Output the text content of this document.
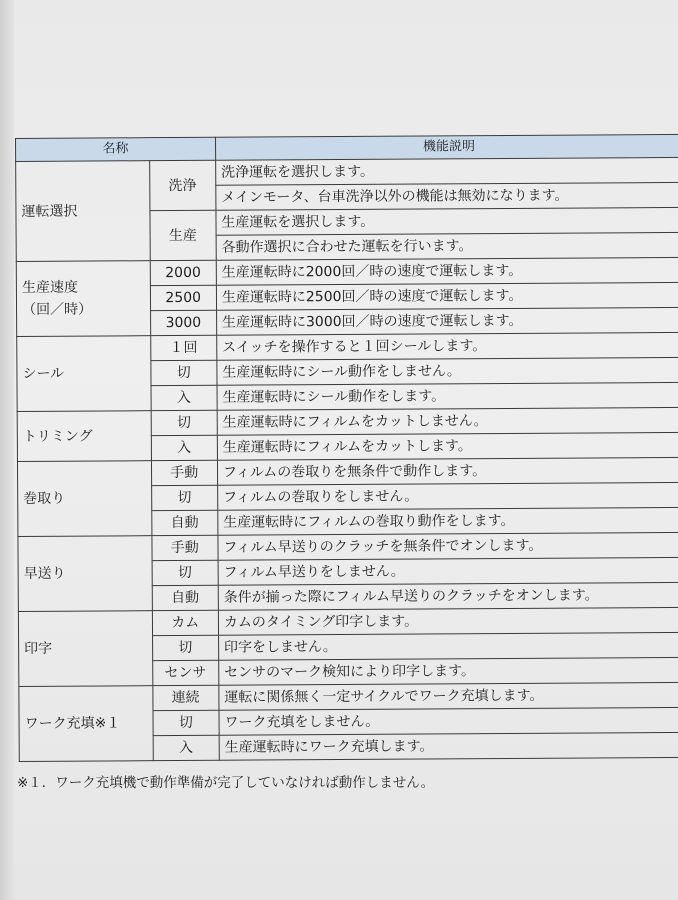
名称		機能説明

運転選択	洗浄	洗浄運転を選択します。
		メインモータ、台車洗浄以外の機能は無効になります。
	生産	生産運転を選択します。
		各動作選択に合わせた運転を行います。

生産速度
（回／時）	2000	生産運転時に2000回／時の速度で運転します。
	2500	生産運転時に2500回／時の速度で運転します。
	3000	生産運転時に3000回／時の速度で運転します。

シール	１回	スイッチを操作すると１回シールします。
	切	生産運転時にシール動作をしません。
	入	生産運転時にシール動作をします。

トリミング	切	生産運転時にフィルムをカットしません。
	入	生産運転時にフィルムをカットします。

巻取り	手動	フィルムの巻取りを無条件で動作します。
	切	フィルムの巻取りをしません。
	自動	生産運転時にフィルムの巻取り動作をします。

早送り	手動	フィルム早送りのクラッチを無条件でオンします。
	切	フィルム早送りをしません。
	自動	条件が揃った際にフィルム早送りのクラッチをオンします。

印字	カム	カムのタイミング印字します。
	切	印字をしません。
	センサ	センサのマーク検知により印字します。

ワーク充填※１	連続	運転に関係無く一定サイクルでワーク充填します。
	切	ワーク充填をしません。
	入	生産運転時にワーク充填します。
※１．ワーク充填機で動作準備が完了していなければ動作しません。
